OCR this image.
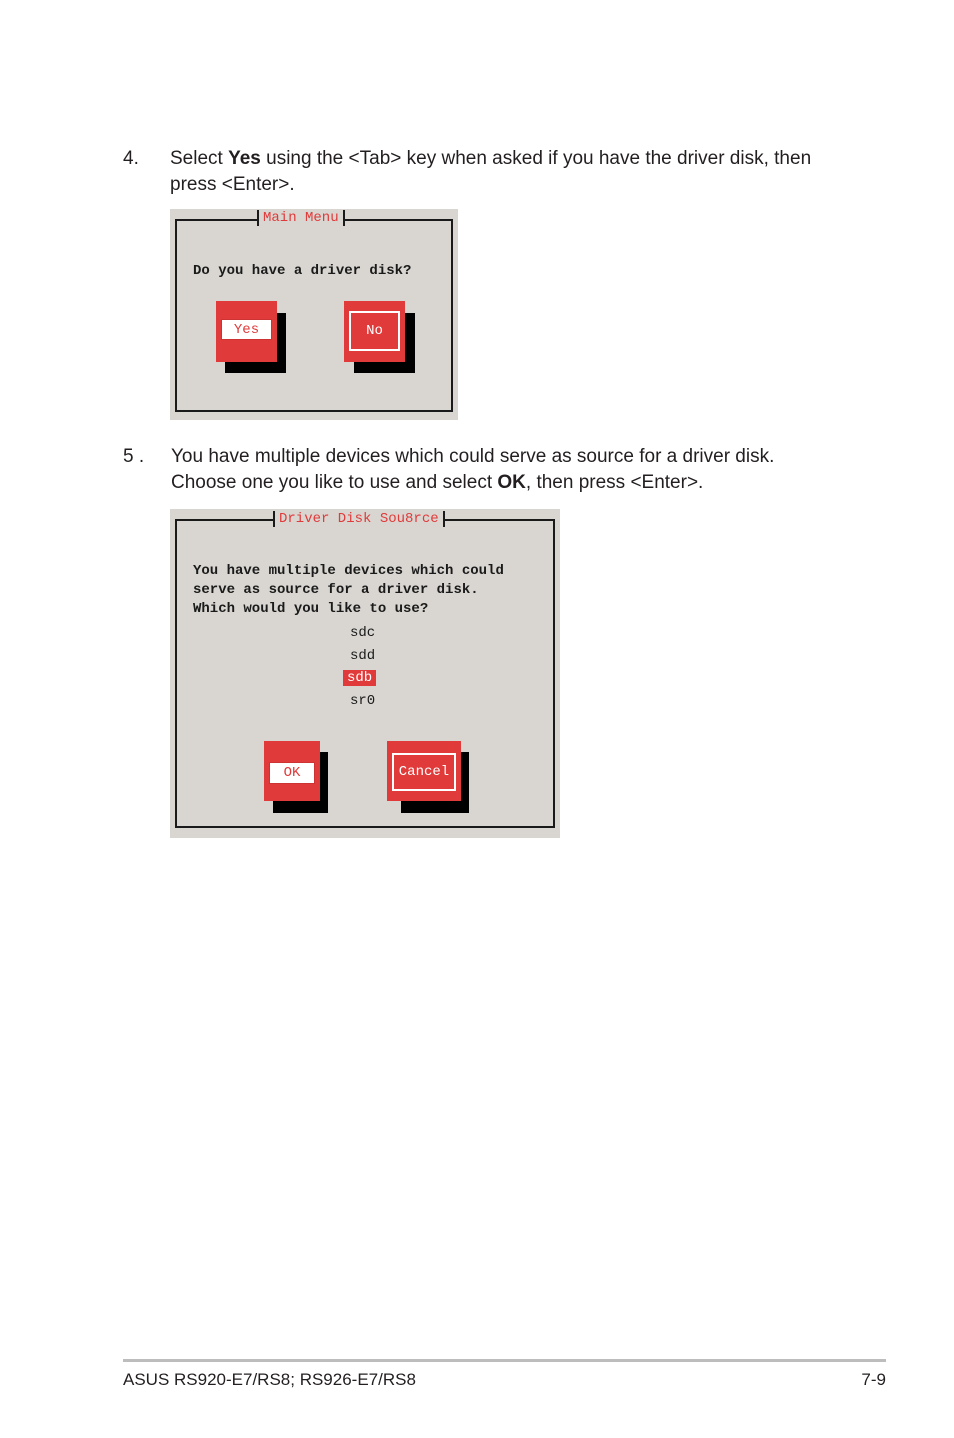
4. Select Yes using the <Tab> key when asked if you have the driver disk, then
press <Enter>.
Main Menu
Do you have a driver disk?
Yes	No
5 . You have multiple devices which could serve as source for a driver disk.
Choose one you like to use and select OK, then press <Enter>.
Driver Disk Sou8rce
You have multiple devices which could
serve as source for a driver disk.
Which would you like to use?
sdc
sdd
sdb
sr0
OK	Cancel
ASUS RS920-E7/RS8; RS926-E7/RS8	7-9
